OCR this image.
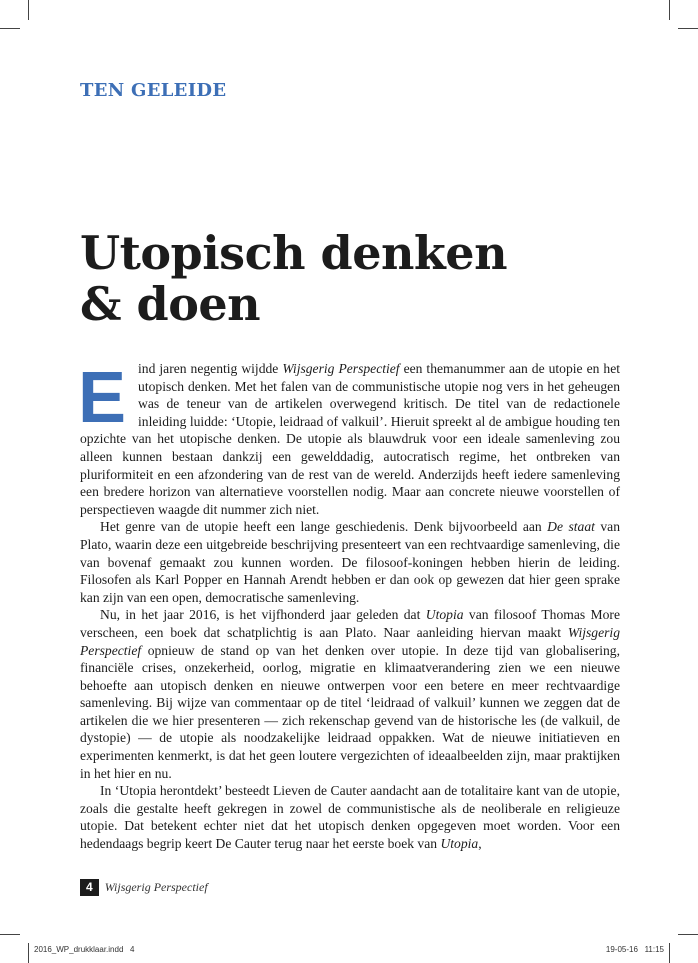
TEN GELEIDE
Utopisch denken
& doen

Eind jaren negentig wijdde Wijsgerig Perspectief een themanummer aan de utopie en het utopisch denken. Met het falen van de communistische utopie nog vers in het geheugen was de teneur van de artikelen overwegend kritisch. De titel van de redactionele inleiding luidde: ‘Utopie, leidraad of valkuil’. Hieruit spreekt al de ambigue houding ten opzichte van het utopische denken. De utopie als blauwdruk voor een ideale samenleving zou alleen kunnen bestaan dankzij een gewelddadig, autocratisch regime, het ontbreken van pluriformiteit en een afzondering van de rest van de wereld. Anderzijds heeft iedere samenleving een bredere horizon van alternatieve voorstellen nodig. Maar aan concrete nieuwe voorstellen of perspectieven waagde dit nummer zich niet.

Het genre van de utopie heeft een lange geschiedenis. Denk bijvoorbeeld aan De staat van Plato, waarin deze een uitgebreide beschrijving presenteert van een rechtvaardige samenleving, die van bovenaf gemaakt zou kunnen worden. De filosoof-koningen hebben hierin de leiding. Filosofen als Karl Popper en Hannah Arendt hebben er dan ook op gewezen dat hier geen sprake kan zijn van een open, democratische samenleving.

Nu, in het jaar 2016, is het vijfhonderd jaar geleden dat Utopia van filosoof Thomas More verscheen, een boek dat schatplichtig is aan Plato. Naar aanleiding hiervan maakt Wijsgerig Perspectief opnieuw de stand op van het denken over utopie. In deze tijd van globalisering, financiële crises, onzekerheid, oorlog, migratie en klimaatverandering zien we een nieuwe behoefte aan utopisch denken en nieuwe ontwerpen voor een betere en meer rechtvaardige samenleving. Bij wijze van commentaar op de titel ‘leidraad of valkuil’ kunnen we zeggen dat de artikelen die we hier presenteren — zich rekenschap gevend van de historische les (de valkuil, de dystopie) — de utopie als noodzakelijke leidraad oppakken. Wat de nieuwe initiatieven en experimenten kenmerkt, is dat het geen loutere vergezichten of ideaalbeelden zijn, maar praktijken in het hier en nu.

In ‘Utopia herontdekt’ besteedt Lieven de Cauter aandacht aan de totalitaire kant van de utopie, zoals die gestalte heeft gekregen in zowel de communistische als de neoliberale en religieuze utopie. Dat betekent echter niet dat het utopisch denken opgegeven moet worden. Voor een hedendaags begrip keert De Cauter terug naar het eerste boek van Utopia,

4	Wijsgerig Perspectief
2016_WP_drukklaar.indd   4	19-05-16   11:15
